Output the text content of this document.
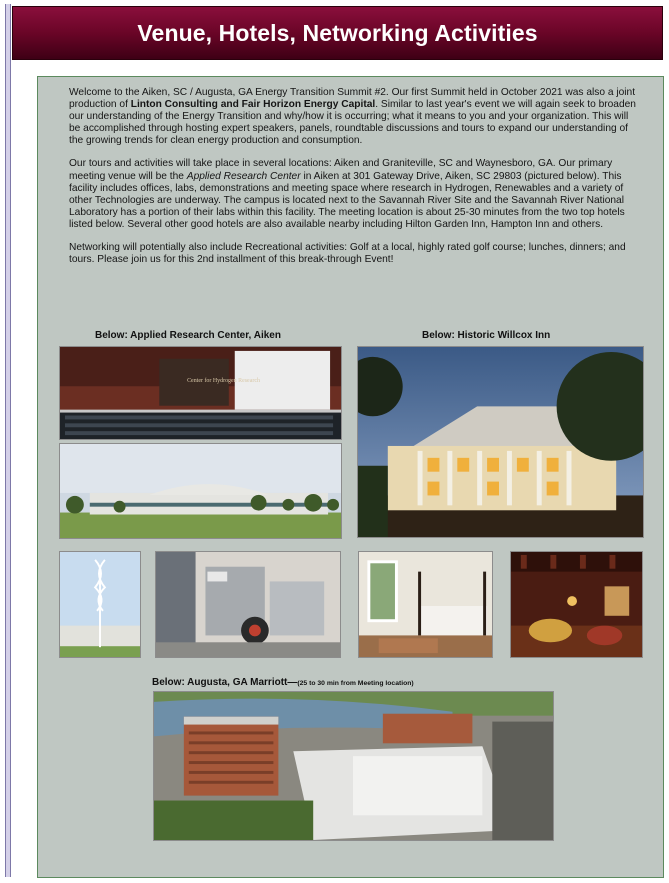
Venue, Hotels, Networking Activities

Welcome to the Aiken, SC / Augusta, GA Energy Transition Summit #2. Our first Summit held in October 2021 was also a joint production of Linton Consulting and Fair Horizon Energy Capital. Similar to last year's event we will again seek to broaden our understanding of the Energy Transition and why/how it is occurring; what it means to you and your organization. This will be accomplished through hosting expert speakers, panels, roundtable discussions and tours to expand our understanding of the growing trends for clean energy production and consumption.

Our tours and activities will take place in several locations: Aiken and Graniteville, SC and Waynesboro, GA. Our primary meeting venue will be the Applied Research Center in Aiken at 301 Gateway Drive, Aiken, SC 29803 (pictured below). This facility includes offices, labs, demonstrations and meeting space where research in Hydrogen, Renewables and a variety of other Technologies are underway. The campus is located next to the Savannah River Site and the Savannah River National Laboratory has a portion of their labs within this facility. The meeting location is about 25-30 minutes from the two top hotels listed below. Several other good hotels are also available nearby including Hilton Garden Inn, Hampton Inn and others.

Networking will potentially also include Recreational activities: Golf at a local, highly rated golf course; lunches, dinners; and tours. Please join us for this 2nd installment of this break-through Event!

Below: Applied Research Center, Aiken	Below: Historic Willcox Inn
Below: Augusta, GA Marriott—(25 to 30 min from Meeting location)
Center for Hydrogen Research
